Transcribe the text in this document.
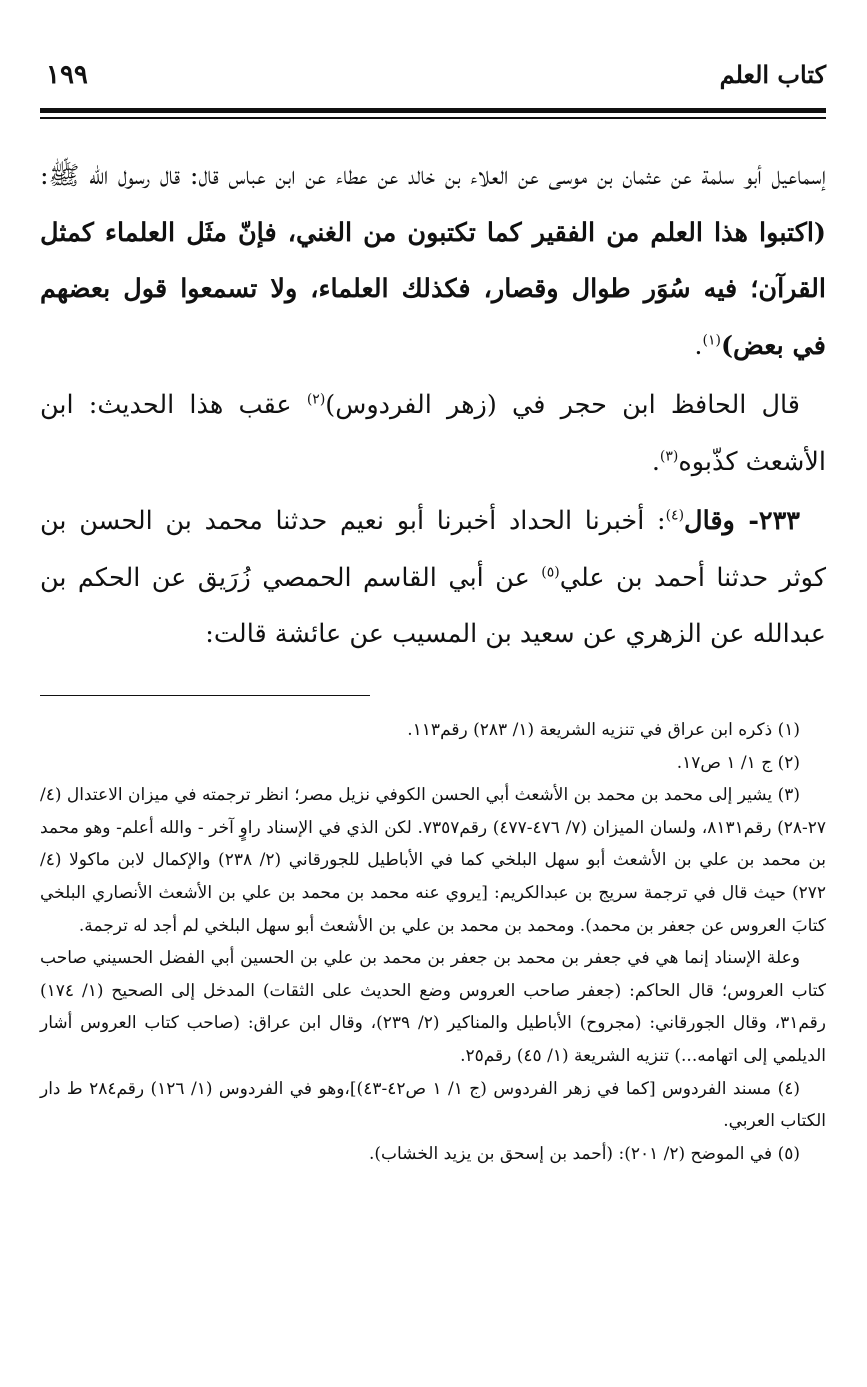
كتاب العلم
١٩٩

إسماعيل أبو سلمة عن عثمان بن موسى عن العلاء بن خالد عن عطاء عن ابن عباس قال: قال رسول الله ﷺ: (اكتبوا هذا العلم من الفقير كما تكتبون من الغني، فإنّ مثَل العلماء كمثل القرآن؛ فيه سُوَر طوال وقصار، فكذلك العلماء، ولا تسمعوا قول بعضهم في بعض)$^{(١)}$.

قال الحافظ ابن حجر في (زهر الفردوس)$^{(٢)}$ عقب هذا الحديث: ابن الأشعث كذّبوه$^{(٣)}$.

٢٣٣- وقال$^{(٤)}$: أخبرنا الحداد أخبرنا أبو نعيم حدثنا محمد بن الحسن بن كوثر حدثنا أحمد بن علي$^{(٥)}$ عن أبي القاسم الحمصي زُرَيق عن الحكم بن عبدالله عن الزهري عن سعيد بن المسيب عن عائشة قالت:

(١) ذكره ابن عراق في تنزيه الشريعة (١/ ٢٨٣) رقم١١٣.

(٢) ج ١/ ١ ص١٧.

(٣) يشير إلى محمد بن محمد بن الأشعث أبي الحسن الكوفي نزيل مصر؛ انظر ترجمته في ميزان الاعتدال (٤/ ٢٧-٢٨) رقم٨١٣١، ولسان الميزان (٧/ ٤٧٦-٤٧٧) رقم٧٣٥٧. لكن الذي في الإسناد راوٍ آخر - والله أعلم- وهو محمد بن محمد بن علي بن الأشعث أبو سهل البلخي كما في الأباطيل للجورقاني (٢/ ٢٣٨) والإكمال لابن ماكولا (٤/ ٢٧٢) حيث قال في ترجمة سريج بن عبدالكريم: [يروي عنه محمد بن محمد بن علي بن الأشعث الأنصاري البلخي كتابَ العروس عن جعفر بن محمد). ومحمد بن محمد بن علي بن الأشعث أبو سهل البلخي لم أجد له ترجمة.

وعلة الإسناد إنما هي في جعفر بن محمد بن جعفر بن محمد بن علي بن الحسين أبي الفضل الحسيني صاحب كتاب العروس؛ قال الحاكم: (جعفر صاحب العروس وضع الحديث على الثقات) المدخل إلى الصحيح (١/ ١٧٤) رقم٣١، وقال الجورقاني: (مجروح) الأباطيل والمناكير (٢/ ٢٣٩)، وقال ابن عراق: (صاحب كتاب العروس أشار الديلمي إلى اتهامه...) تنزيه الشريعة (١/ ٤٥) رقم٢٥.

(٤) مسند الفردوس [كما في زهر الفردوس (ج ١/ ١ ص٤٢-٤٣)]،وهو في الفردوس (١/ ١٢٦) رقم٢٨٤ ط دار الكتاب العربي.

(٥) في الموضح (٢/ ٢٠١): (أحمد بن إسحق بن يزيد الخشاب).
